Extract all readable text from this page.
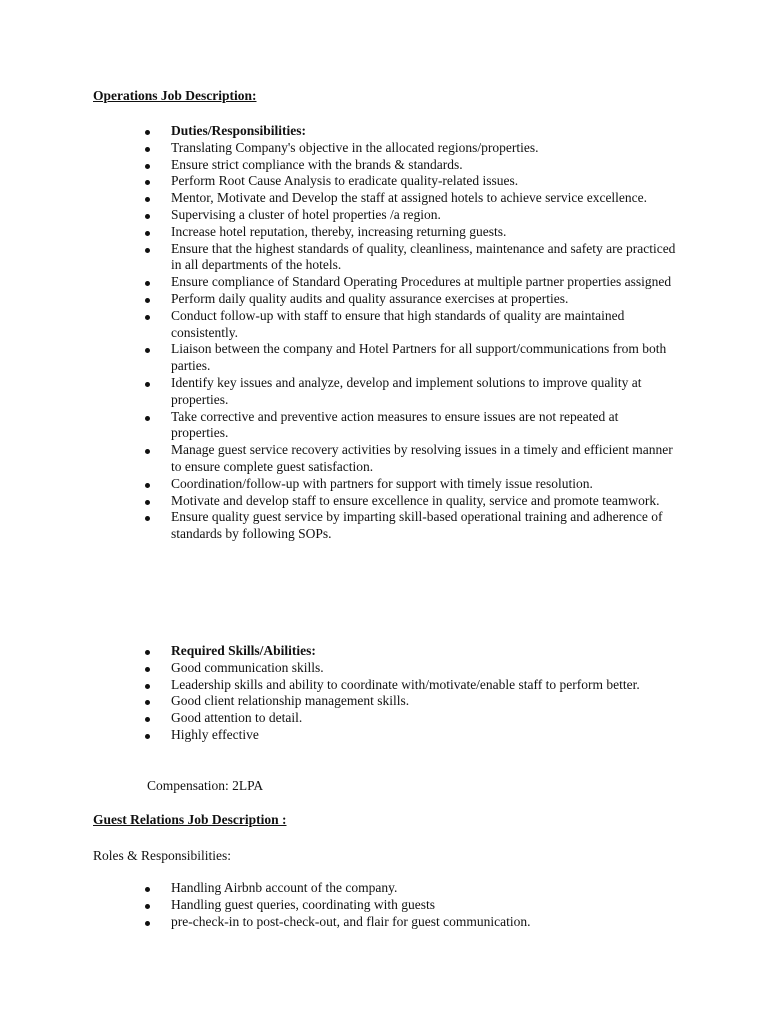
Operations Job Description:

Duties/Responsibilities:
Translating Company's objective in the allocated regions/properties.
Ensure strict compliance with the brands & standards.
Perform Root Cause Analysis to eradicate quality-related issues.
Mentor, Motivate and Develop the staff at assigned hotels to achieve service excellence.
Supervising a cluster of hotel properties /a region.
Increase hotel reputation, thereby, increasing returning guests.
Ensure that the highest standards of quality, cleanliness, maintenance and safety are practiced in all departments of the hotels.
Ensure compliance of Standard Operating Procedures at multiple partner properties assigned
Perform daily quality audits and quality assurance exercises at properties.
Conduct follow-up with staff to ensure that high standards of quality are maintained consistently.
Liaison between the company and Hotel Partners for all support/communications from both parties.
Identify key issues and analyze, develop and implement solutions to improve quality at properties.
Take corrective and preventive action measures to ensure issues are not repeated at properties.
Manage guest service recovery activities by resolving issues in a timely and efficient manner to ensure complete guest satisfaction.
Coordination/follow-up with partners for support with timely issue resolution.
Motivate and develop staff to ensure excellence in quality, service and promote teamwork.
Ensure quality guest service by imparting skill-based operational training and adherence of standards by following SOPs.
Required Skills/Abilities:
Good communication skills.
Leadership skills and ability to coordinate with/motivate/enable staff to perform better.
Good client relationship management skills.
Good attention to detail.
Highly effective

Compensation: 2LPA

Guest Relations Job Description :

Roles & Responsibilities:

Handling Airbnb account of the company.
Handling guest queries, coordinating with guests
pre-check-in to post-check-out, and flair for guest communication.
